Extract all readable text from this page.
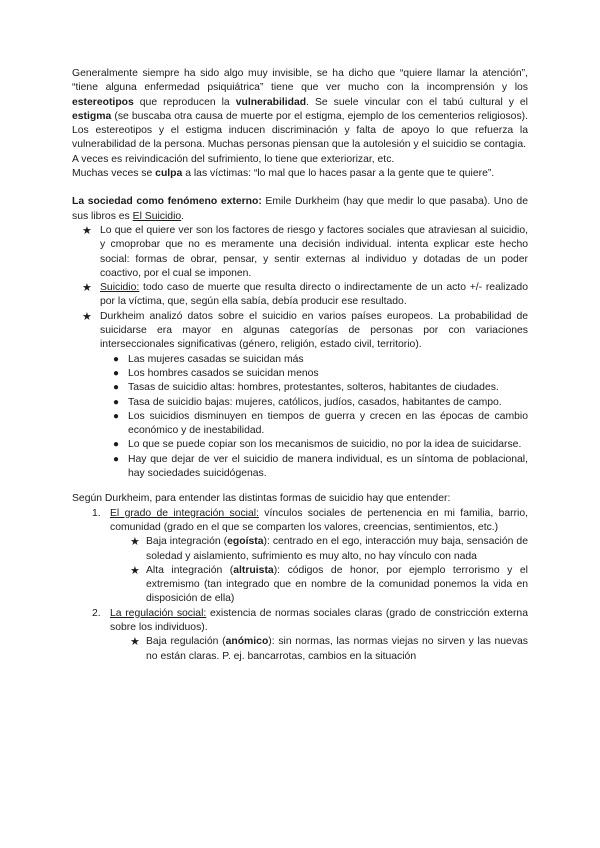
Generalmente siempre ha sido algo muy invisible, se ha dicho que “quiere llamar la atención”, “tiene alguna enfermedad psiquiátrica” tiene que ver mucho con la incomprensión y los estereotipos que reproducen la vulnerabilidad. Se suele vincular con el tabú cultural y el estigma (se buscaba otra causa de muerte por el estigma, ejemplo de los cementerios religiosos). Los estereotipos y el estigma inducen discriminación y falta de apoyo lo que refuerza la vulnerabilidad de la persona. Muchas personas piensan que la autolesión y el suicidio se contagia.

A veces es reivindicación del sufrimiento, lo tiene que exteriorizar, etc.

Muchas veces se culpa a las víctimas: “lo mal que lo haces pasar a la gente que te quiere”.

La sociedad como fenómeno externo: Emile Durkheim (hay que medir lo que pasaba). Uno de sus libros es El Suicidio.

★ Lo que el quiere ver son los factores de riesgo y factores sociales que atraviesan al suicidio, y cmoprobar que no es meramente una decisión individual. intenta explicar este hecho social: formas de obrar, pensar, y sentir externas al individuo y dotadas de un poder coactivo, por el cual se imponen.
★ Suicidio: todo caso de muerte que resulta directo o indirectamente de un acto +/- realizado por la víctima, que, según ella sabía, debía producir ese resultado.
★ Durkheim analizó datos sobre el suicidio en varios países europeos. La probabilidad de suicidarse era mayor en algunas categorías de personas por con variaciones interseccionales significativas (género, religión, estado civil, territorio).
● Las mujeres casadas se suicidan más
● Los hombres casados se suicidan menos
● Tasas de suicidio altas: hombres, protestantes, solteros, habitantes de ciudades.
● Tasa de suicidio bajas: mujeres, católicos, judíos, casados, habitantes de campo.
● Los suicidios disminuyen en tiempos de guerra y crecen en las épocas de cambio económico y de inestabilidad.
● Lo que se puede copiar son los mecanismos de suicidio, no por la idea de suicidarse.
● Hay que dejar de ver el suicidio de manera individual, es un síntoma de poblacional, hay sociedades suicidógenas.

Según Durkheim, para entender las distintas formas de suicidio hay que entender:

1. El grado de integración social: vínculos sociales de pertenencia en mi familia, barrio, comunidad (grado en el que se comparten los valores, creencias, sentimientos, etc.)
★ Baja integración (egoísta): centrado en el ego, interacción muy baja, sensación de soledad y aislamiento, sufrimiento es muy alto, no hay vínculo con nada
★ Alta integración (altruista): códigos de honor, por ejemplo terrorismo y el extremismo (tan integrado que en nombre de la comunidad ponemos la vida en disposición de ella)
2. La regulación social: existencia de normas sociales claras (grado de constricción externa sobre los individuos).
★ Baja regulación (anómico): sin normas, las normas viejas no sirven y las nuevas no están claras. P. ej. bancarrotas, cambios en la situación
